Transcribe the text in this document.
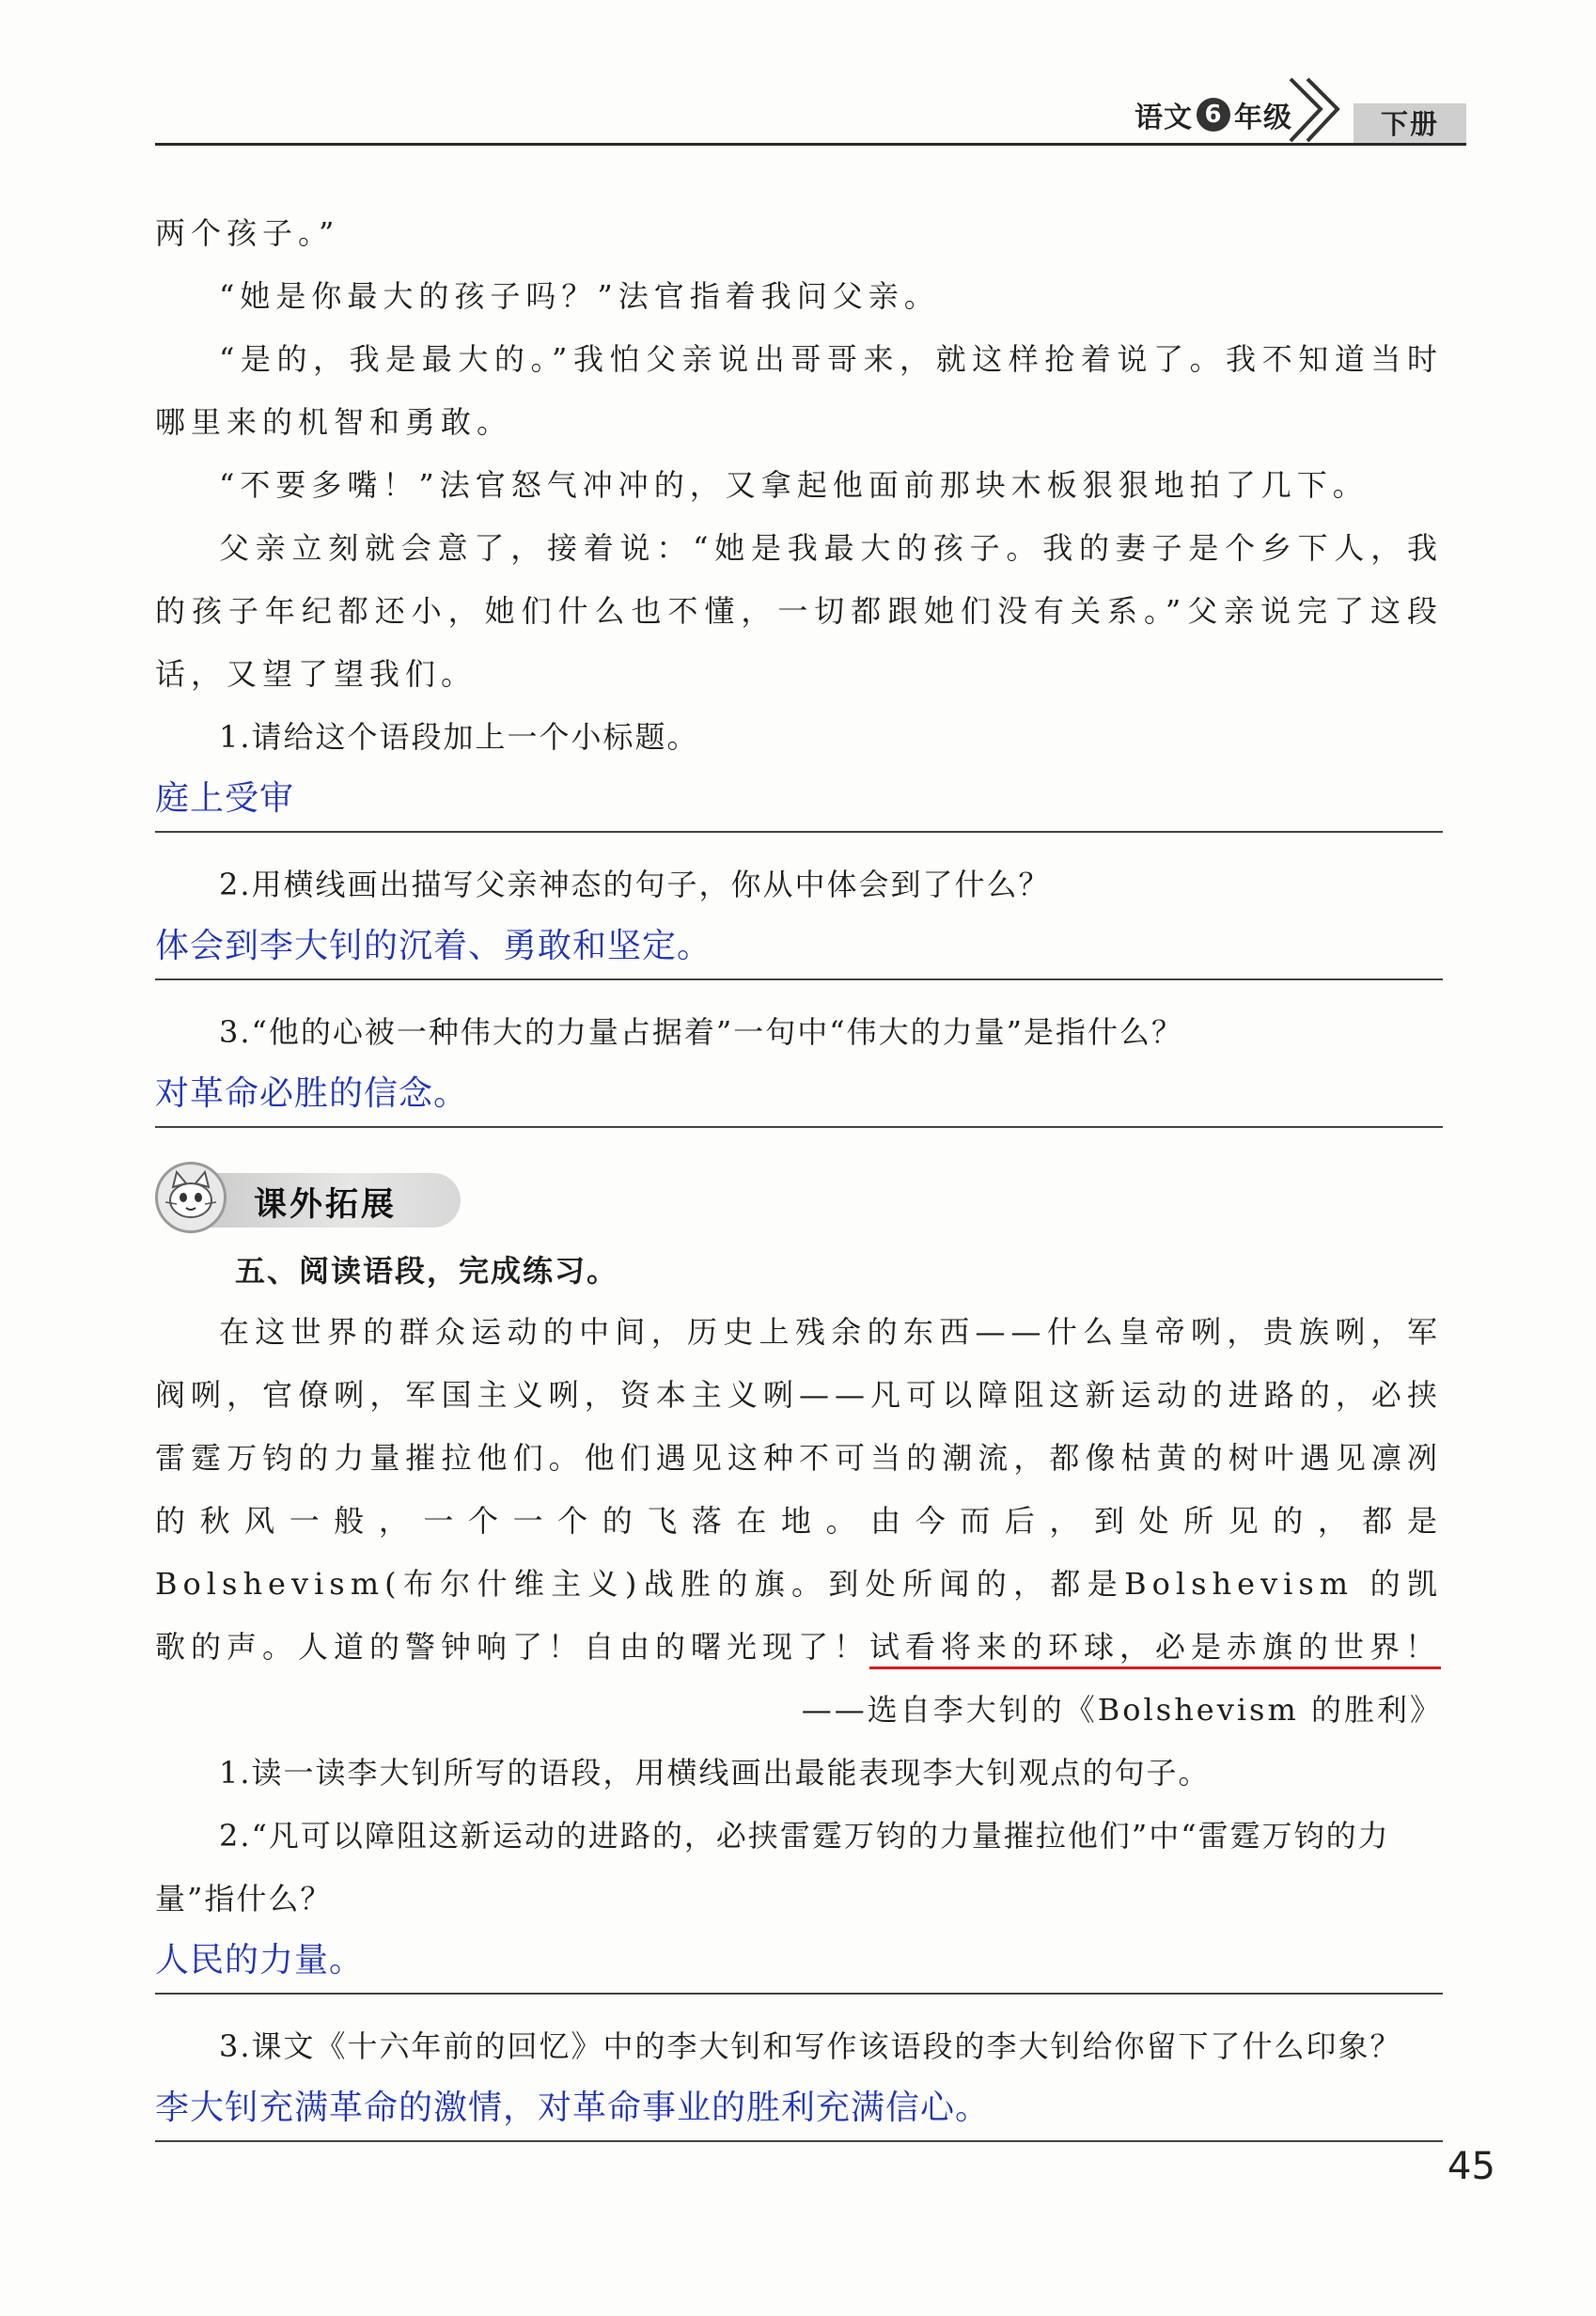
语文 6 年级	下册

两个孩子。”

“她是你最大的孩子吗？”法官指着我问父亲。

“是的，我是最大的。”我怕父亲说出哥哥来，就这样抢着说了。我不知道当时哪里来的机智和勇敢。

“不要多嘴！”法官怒气冲冲的，又拿起他面前那块木板狠狠地拍了几下。

父亲立刻就会意了，接着说：“她是我最大的孩子。我的妻子是个乡下人，我的孩子年纪都还小，她们什么也不懂，一切都跟她们没有关系。”父亲说完了这段话，又望了望我们。

1.请给这个语段加上一个小标题。

庭上受审

2.用横线画出描写父亲神态的句子，你从中体会到了什么？

体会到李大钊的沉着、勇敢和坚定。

3.“他的心被一种伟大的力量占据着”一句中“伟大的力量”是指什么？

对革命必胜的信念。

课外拓展

五、阅读语段，完成练习。

在这世界的群众运动的中间，历史上残余的东西——什么皇帝咧，贵族咧，军阀咧，官僚咧，军国主义咧，资本主义咧——凡可以障阻这新运动的进路的，必挟雷霆万钧的力量摧拉他们。他们遇见这种不可当的潮流，都像枯黄的树叶遇见凛冽的秋风一般，一个一个的飞落在地。由今而后，到处所见的，都是Bolshevism(布尔什维主义)战胜的旗。到处所闻的，都是Bolshevism 的凯歌的声。人道的警钟响了！自由的曙光现了！试看将来的环球，必是赤旗的世界！

——选自李大钊的《Bolshevism 的胜利》

1.读一读李大钊所写的语段，用横线画出最能表现李大钊观点的句子。

2.“凡可以障阻这新运动的进路的，必挟雷霆万钧的力量摧拉他们”中“雷霆万钧的力量”指什么？

人民的力量。

3.课文《十六年前的回忆》中的李大钊和写作该语段的李大钊给你留下了什么印象？

李大钊充满革命的激情，对革命事业的胜利充满信心。

45
